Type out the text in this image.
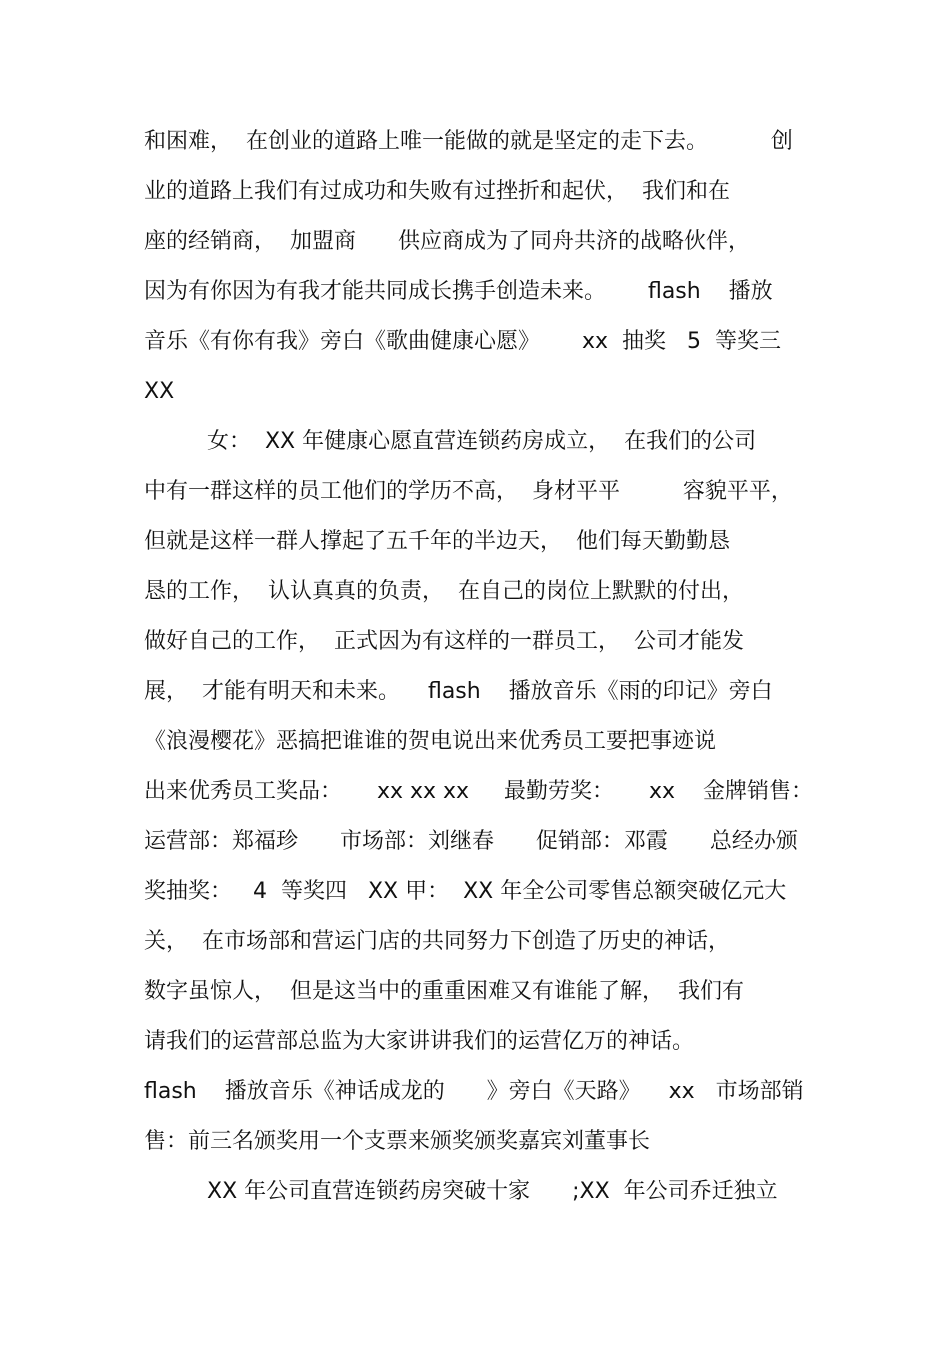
和困难，  在创业的道路上唯一能做的就是坚定的走下去。         创
业的道路上我们有过成功和失败有过挫折和起伏，  我们和在
座的经销商，  加盟商      供应商成为了同舟共济的战略伙伴，
因为有你因为有我才能共同成长携手创造未来。      flash    播放
音乐《有你有我》旁白《歌曲健康心愿》      xx  抽奖   5  等奖三
XX
女：  XX 年健康心愿直营连锁药房成立，  在我们的公司
中有一群这样的员工他们的学历不高，  身材平平         容貌平平，
但就是这样一群人撑起了五千年的半边天，  他们每天勤勤恳
恳的工作，  认认真真的负责，  在自己的岗位上默默的付出，
做好自己的工作，  正式因为有这样的一群员工，  公司才能发
展，  才能有明天和未来。    flash    播放音乐《雨的印记》旁白
《浪漫樱花》恶搞把谁谁的贺电说出来优秀员工要把事迹说
出来优秀员工奖品：     xx xx xx     最勤劳奖：     xx    金牌销售：
运营部：郑福珍      市场部：刘继春      促销部：邓霞      总经办颁
奖抽奖：   4  等奖四   XX 甲：  XX 年全公司零售总额突破亿元大
关，  在市场部和营运门店的共同努力下创造了历史的神话，
数字虽惊人，  但是这当中的重重困难又有谁能了解，  我们有
请我们的运营部总监为大家讲讲我们的运营亿万的神话。
flash    播放音乐《神话成龙的      》旁白《天路》    xx   市场部销
售：前三名颁奖用一个支票来颁奖颁奖嘉宾刘董事长
XX 年公司直营连锁药房突破十家      ;XX  年公司乔迁独立
